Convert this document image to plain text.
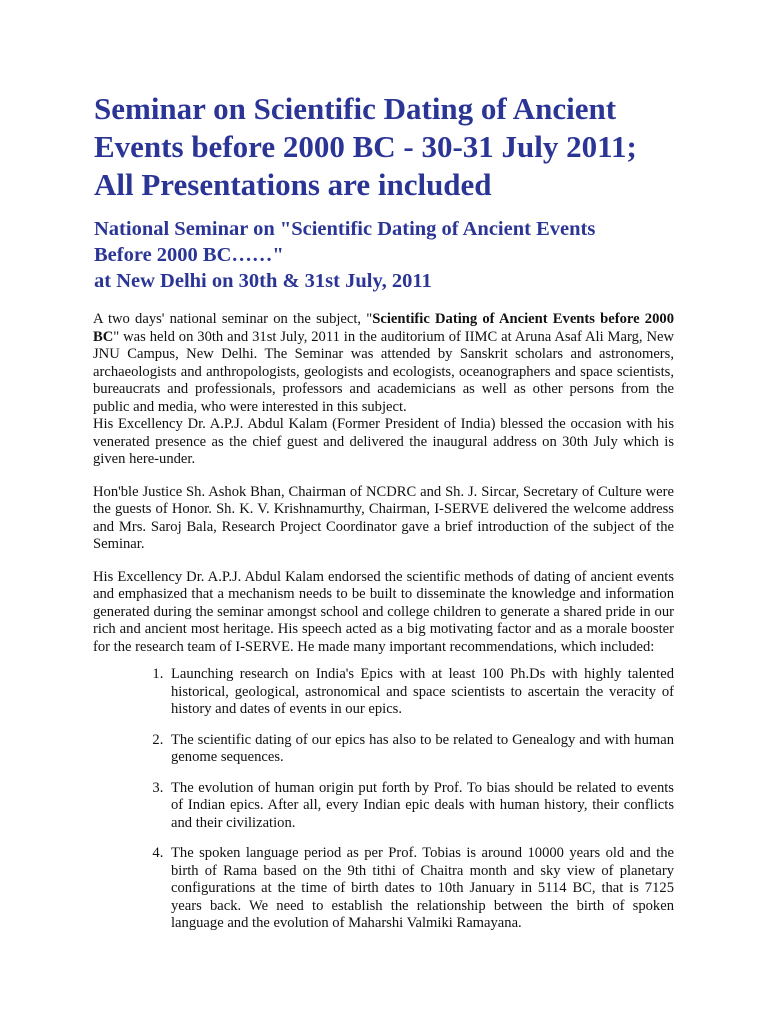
Seminar on Scientific Dating of Ancient
Events before 2000 BC - 30-31 July 2011;
All Presentations are included
National Seminar on "Scientific Dating of Ancient Events
Before 2000 BC……"
at New Delhi on 30th & 31st July, 2011

A two days' national seminar on the subject, "Scientific Dating of Ancient Events before 2000 BC" was held on 30th and 31st July, 2011 in the auditorium of IIMC at Aruna Asaf Ali Marg, New JNU Campus, New Delhi. The Seminar was attended by Sanskrit scholars and astronomers, archaeologists and anthropologists, geologists and ecologists, oceanographers and space scientists, bureaucrats and professionals, professors and academicians as well as other persons from the public and media, who were interested in this subject.

His Excellency Dr. A.P.J. Abdul Kalam (Former President of India) blessed the occasion with his venerated presence as the chief guest and delivered the inaugural address on 30th July which is given here-under.

Hon'ble Justice Sh. Ashok Bhan, Chairman of NCDRC and Sh. J. Sircar, Secretary of Culture were the guests of Honor. Sh. K. V. Krishnamurthy, Chairman, I-SERVE delivered the welcome address and Mrs. Saroj Bala, Research Project Coordinator gave a brief introduction of the subject of the Seminar.

His Excellency Dr. A.P.J. Abdul Kalam endorsed the scientific methods of dating of ancient events and emphasized that a mechanism needs to be built to disseminate the knowledge and information generated during the seminar amongst school and college children to generate a shared pride in our rich and ancient most heritage. His speech acted as a big motivating factor and as a morale booster for the research team of I-SERVE. He made many important recommendations, which included:

1. Launching research on India's Epics with at least 100 Ph.Ds with highly talented historical, geological, astronomical and space scientists to ascertain the veracity of history and dates of events in our epics.
2. The scientific dating of our epics has also to be related to Genealogy and with human genome sequences.
3. The evolution of human origin put forth by Prof. To bias should be related to events of Indian epics. After all, every Indian epic deals with human history, their conflicts and their civilization.
4. The spoken language period as per Prof. Tobias is around 10000 years old and the birth of Rama based on the 9th tithi of Chaitra month and sky view of planetary configurations at the time of birth dates to 10th January in 5114 BC, that is 7125 years back. We need to establish the relationship between the birth of spoken language and the evolution of Maharshi Valmiki Ramayana.
